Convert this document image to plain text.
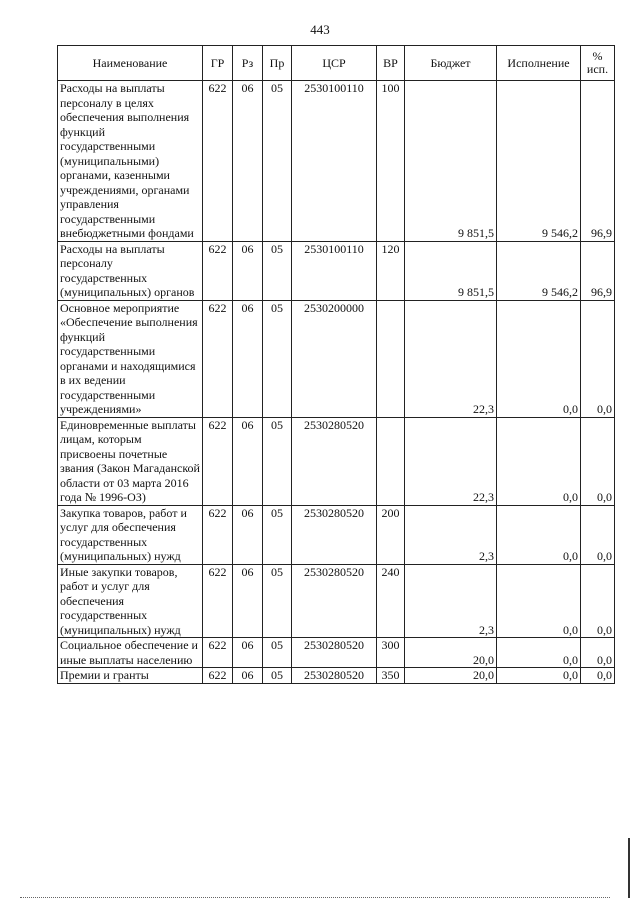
443
Наименование	ГР	Рз	Пр	ЦСР	ВР	Бюджет	Исполнение	%
исп.
Расходы на выплаты персоналу в целях обеспечения выполнения функций государственными (муниципальными) органами, казенными учреждениями, органами управления государственными внебюджетными фондами	622	06	05	2530100110	100	9 851,5	9 546,2	96,9
Расходы на выплаты персоналу государственных (муниципальных) органов	622	06	05	2530100110	120	9 851,5	9 546,2	96,9
Основное мероприятие «Обеспечение выполнения функций государственными органами и находящимися в их ведении государственными учреждениями»	622	06	05	2530200000		22,3	0,0	0,0
Единовременные выплаты лицам, которым присвоены почетные звания (Закон Магаданской области от 03 марта 2016 года № 1996-ОЗ)	622	06	05	2530280520		22,3	0,0	0,0
Закупка товаров, работ и услуг для обеспечения государственных (муниципальных) нужд	622	06	05	2530280520	200	2,3	0,0	0,0
Иные закупки товаров, работ и услуг для обеспечения государственных (муниципальных) нужд	622	06	05	2530280520	240	2,3	0,0	0,0
Социальное обеспечение и иные выплаты населению	622	06	05	2530280520	300	20,0	0,0	0,0
Премии и гранты	622	06	05	2530280520	350	20,0	0,0	0,0
